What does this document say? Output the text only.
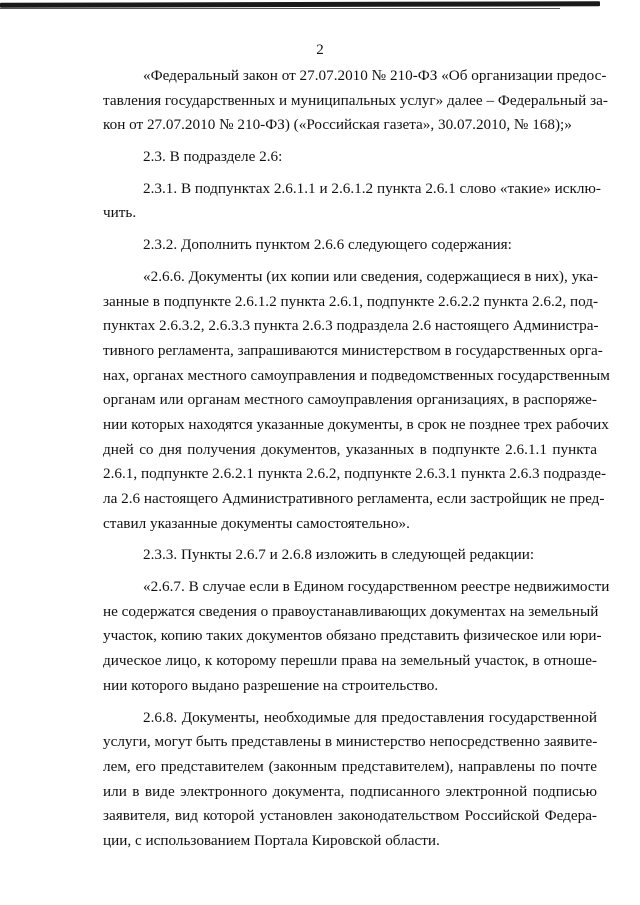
2
«Федеральный закон от 27.07.2010 № 210-ФЗ «Об организации предос-
тавления государственных и муниципальных услуг» далее – Федеральный за-
кон от 27.07.2010 № 210-ФЗ) («Российская газета», 30.07.2010, № 168);»
2.3. В подразделе 2.6:
2.3.1. В подпунктах 2.6.1.1 и 2.6.1.2 пункта 2.6.1 слово «такие» исклю-
чить.
2.3.2. Дополнить пунктом 2.6.6 следующего содержания:
«2.6.6. Документы (их копии или сведения, содержащиеся в них), ука-
занные в подпункте 2.6.1.2 пункта 2.6.1, подпункте 2.6.2.2 пункта 2.6.2, под-
пунктах 2.6.3.2, 2.6.3.3 пункта 2.6.3 подраздела 2.6 настоящего Администра-
тивного регламента, запрашиваются министерством в государственных орга-
нах, органах местного самоуправления и подведомственных государственным
органам или органам местного самоуправления организациях, в распоряже-
нии которых находятся указанные документы, в срок не позднее трех рабочих
дней со дня получения документов, указанных в подпункте 2.6.1.1 пункта
2.6.1, подпункте 2.6.2.1 пункта 2.6.2, подпункте 2.6.3.1 пункта 2.6.3 подразде-
ла 2.6 настоящего Административного регламента, если застройщик не пред-
ставил указанные документы самостоятельно».
2.3.3. Пункты 2.6.7 и 2.6.8 изложить в следующей редакции:
«2.6.7. В случае если в Едином государственном реестре недвижимости
не содержатся сведения о правоустанавливающих документах на земельный
участок, копию таких документов обязано представить физическое или юри-
дическое лицо, к которому перешли права на земельный участок, в отноше-
нии которого выдано разрешение на строительство.
2.6.8. Документы, необходимые для предоставления государственной
услуги, могут быть представлены в министерство непосредственно заявите-
лем, его представителем (законным представителем), направлены по почте
или в виде электронного документа, подписанного электронной подписью
заявителя, вид которой установлен законодательством Российской Федера-
ции, с использованием Портала Кировской области.
